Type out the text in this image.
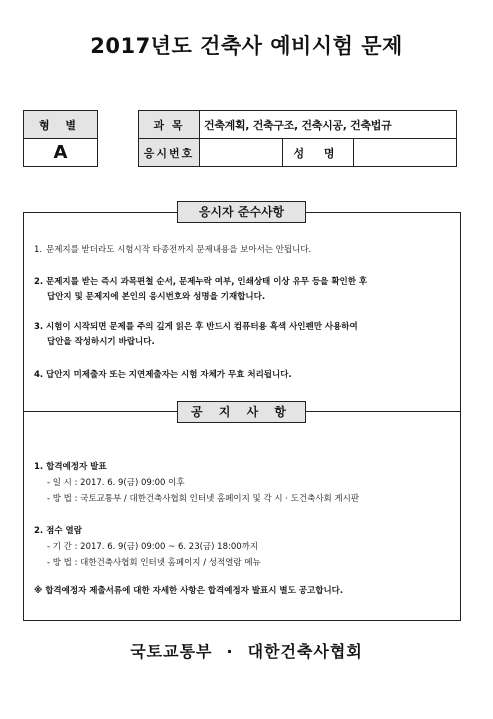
2017년도 건축사 예비시험 문제
형 별
A
과 목	건축계획, 건축구조, 건축시공, 건축법규		
응시번호		성 명	
응시자 준수사항
1. 문제지를 받더라도 시험시작 타종전까지 문제내용을 보아서는 안됩니다.
2. 문제지를 받는 즉시 과목편철 순서, 문제누락 여부, 인쇄상태 이상 유무 등을 확인한 후
답안지 및 문제지에 본인의 응시번호와 성명을 기재합니다.
3. 시험이 시작되면 문제를 주의 깊게 읽은 후 반드시 컴퓨터용 흑색 사인펜만 사용하여
답안을 작성하시기 바랍니다.
4. 답안지 미제출자 또는 지연제출자는 시험 자체가 무효 처리됩니다.
공 지 사 항
1. 합격예정자 발표
- 일 시 : 2017. 6. 9(금) 09:00 이후
- 방 법 : 국토교통부 / 대한건축사협회 인터넷 홈페이지 및 각 시 · 도건축사회 게시판
2. 점수 열람
- 기 간 : 2017. 6. 9(금) 09:00 ~ 6. 23(금) 18:00까지
- 방 법 : 대한건축사협회 인터넷 홈페이지 / 성적열람 메뉴
※ 합격예정자 제출서류에 대한 자세한 사항은 합격예정자 발표시 별도 공고합니다.
국토교통부 · 대한건축사협회
